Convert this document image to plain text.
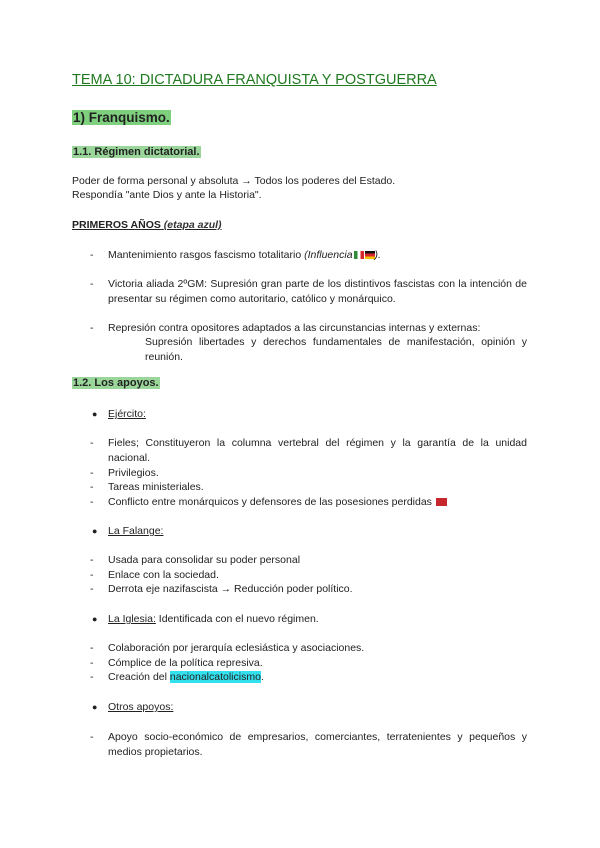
TEMA 10: DICTADURA FRANQUISTA Y POSTGUERRA
1) Franquismo.
1.1. Régimen dictatorial.
Poder de forma personal y absoluta → Todos los poderes del Estado.
Respondía "ante Dios y ante la Historia".
PRIMEROS AÑOS (etapa azul)
- Mantenimiento rasgos fascismo totalitario (Influencia ).
- Victoria aliada 2ºGM: Supresión gran parte de los distintivos fascistas con la intención de presentar su régimen como autoritario, católico y monárquico.
- Represión contra opositores adaptados a las circunstancias internas y externas:
Supresión libertades y derechos fundamentales de manifestación, opinión y reunión.
1.2. Los apoyos.
● Ejército:
- Fieles; Constituyeron la columna vertebral del régimen y la garantía de la unidad nacional.
- Privilegios.
- Tareas ministeriales.
- Conflicto entre monárquicos y defensores de las posesiones perdidas
● La Falange:
- Usada para consolidar su poder personal
- Enlace con la sociedad.
- Derrota eje nazifascista → Reducción poder político.
● La Iglesia: Identificada con el nuevo régimen.
- Colaboración por jerarquía eclesiástica y asociaciones.
- Cómplice de la política represiva.
- Creación del nacionalcatolicismo.
● Otros apoyos:
- Apoyo socio-económico de empresarios, comerciantes, terratenientes y pequeños y medios propietarios.
